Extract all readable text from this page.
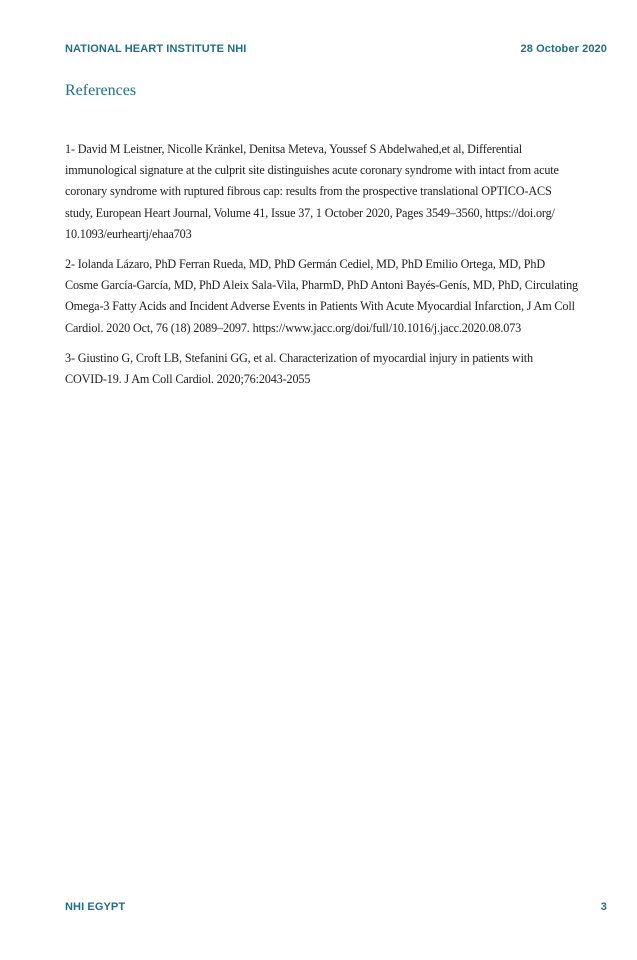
NATIONAL HEART INSTITUTE NHI	28 October 2020
References

1- David M Leistner, Nicolle Kränkel, Denitsa Meteva, Youssef S Abdelwahed,et al, Differential
immunological signature at the culprit site distinguishes acute coronary syndrome with intact from acute
coronary syndrome with ruptured fibrous cap: results from the prospective translational OPTICO-ACS
study, European Heart Journal, Volume 41, Issue 37, 1 October 2020, Pages 3549–3560, https://doi.org/
10.1093/eurheartj/ehaa703

2- Iolanda Lázaro, PhD Ferran Rueda, MD, PhD Germán Cediel, MD, PhD Emilio Ortega, MD, PhD
Cosme García-García, MD, PhD Aleix Sala-Vila, PharmD, PhD Antoni Bayés-Genís, MD, PhD, Circulating
Omega-3 Fatty Acids and Incident Adverse Events in Patients With Acute Myocardial Infarction, J Am Coll
Cardiol. 2020 Oct, 76 (18) 2089–2097. https://www.jacc.org/doi/full/10.1016/j.jacc.2020.08.073

3- Giustino G, Croft LB, Stefanini GG, et al. Characterization of myocardial injury in patients with
COVID-19. J Am Coll Cardiol. 2020;76:2043-2055

NHI EGYPT	3
